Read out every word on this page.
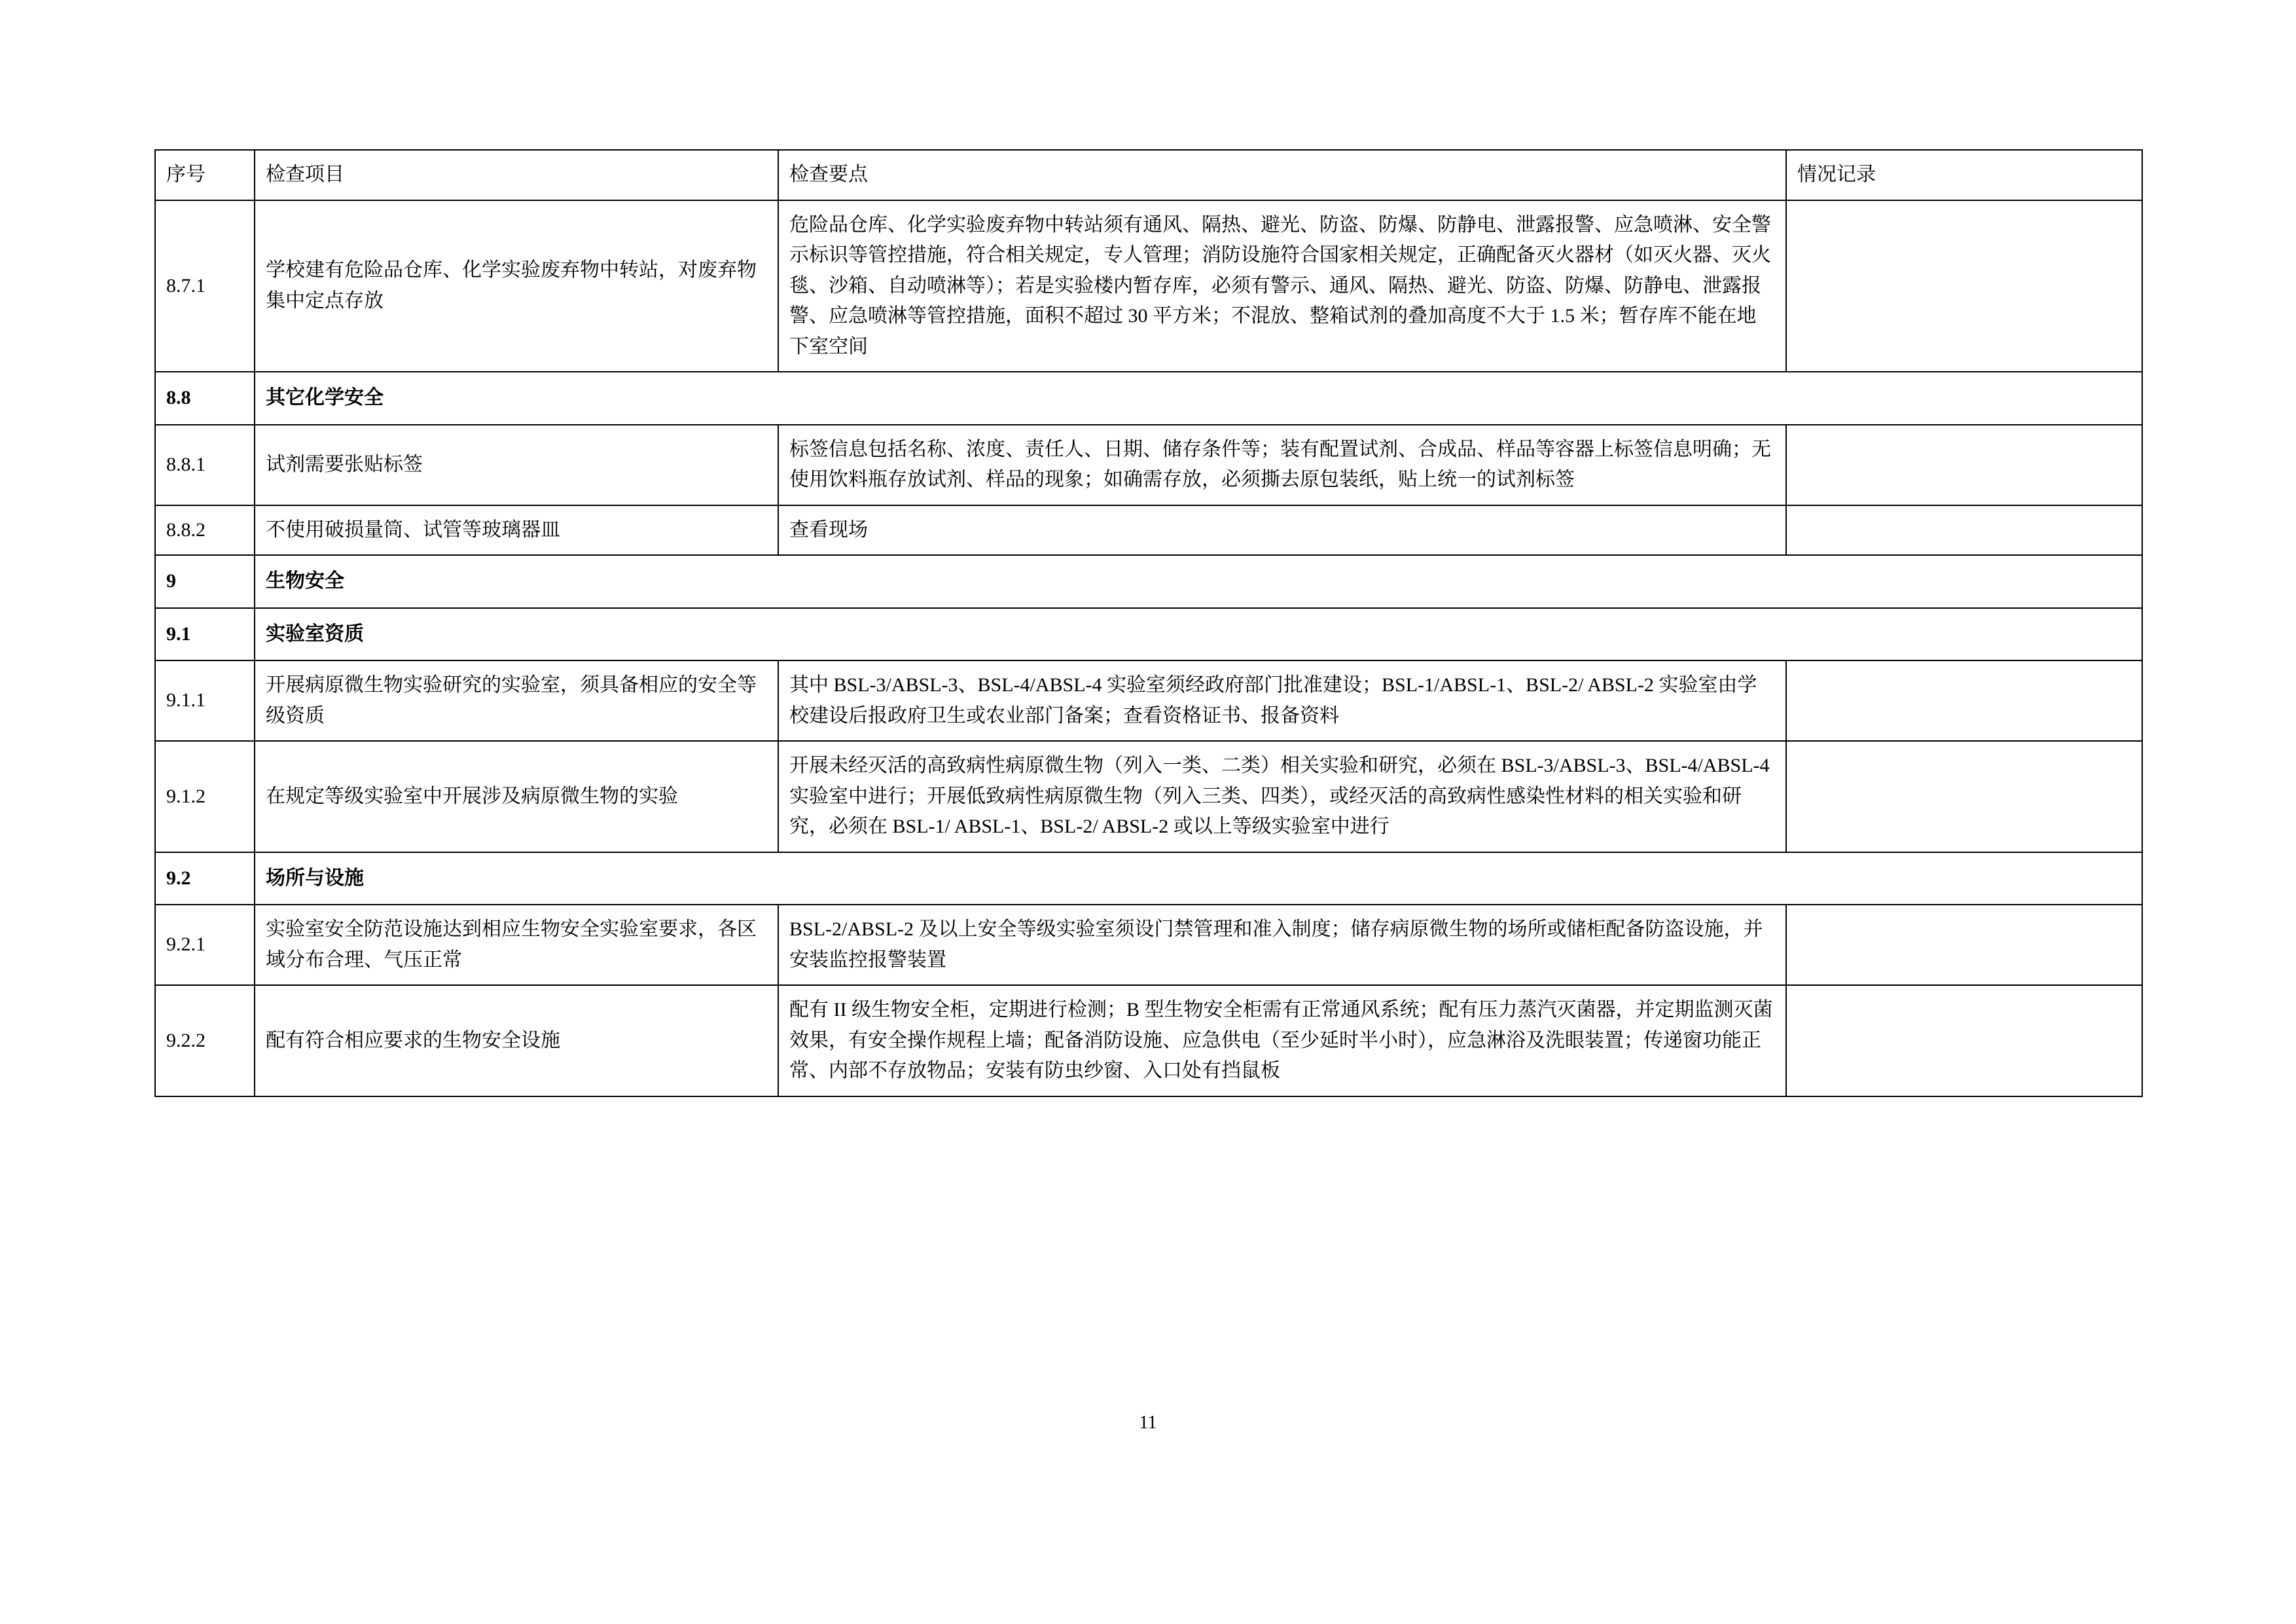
序号	检查项目	检查要点	情况记录
8.7.1	学校建有危险品仓库、化学实验废弃物中转站，对废弃物集中定点存放	危险品仓库、化学实验废弃物中转站须有通风、隔热、避光、防盗、防爆、防静电、泄露报警、应急喷淋、安全警示标识等管控措施，符合相关规定，专人管理；消防设施符合国家相关规定，正确配备灭火器材（如灭火器、灭火毯、沙箱、自动喷淋等）；若是实验楼内暂存库，必须有警示、通风、隔热、避光、防盗、防爆、防静电、泄露报警、应急喷淋等管控措施，面积不超过 30 平方米；不混放、整箱试剂的叠加高度不大于 1.5 米；暂存库不能在地下室空间	
8.8	其它化学安全		
8.8.1	试剂需要张贴标签	标签信息包括名称、浓度、责任人、日期、储存条件等；装有配置试剂、合成品、样品等容器上标签信息明确；无使用饮料瓶存放试剂、样品的现象；如确需存放，必须撕去原包装纸，贴上统一的试剂标签	
8.8.2	不使用破损量筒、试管等玻璃器皿	查看现场	
9	生物安全		
9.1	实验室资质		
9.1.1	开展病原微生物实验研究的实验室，须具备相应的安全等级资质	其中 BSL-3/ABSL-3、BSL-4/ABSL-4 实验室须经政府部门批准建设；BSL-1/ABSL-1、BSL-2/ ABSL-2 实验室由学校建设后报政府卫生或农业部门备案；查看资格证书、报备资料	
9.1.2	在规定等级实验室中开展涉及病原微生物的实验	开展未经灭活的高致病性病原微生物（列入一类、二类）相关实验和研究，必须在 BSL-3/ABSL-3、BSL-4/ABSL-4 实验室中进行；开展低致病性病原微生物（列入三类、四类），或经灭活的高致病性感染性材料的相关实验和研究，必须在 BSL-1/ ABSL-1、BSL-2/ ABSL-2 或以上等级实验室中进行	
9.2	场所与设施		
9.2.1	实验室安全防范设施达到相应生物安全实验室要求，各区域分布合理、气压正常	BSL-2/ABSL-2 及以上安全等级实验室须设门禁管理和准入制度；储存病原微生物的场所或储柜配备防盗设施，并安装监控报警装置	
9.2.2	配有符合相应要求的生物安全设施	配有 II 级生物安全柜，定期进行检测；B 型生物安全柜需有正常通风系统；配有压力蒸汽灭菌器，并定期监测灭菌效果，有安全操作规程上墙；配备消防设施、应急供电（至少延时半小时），应急淋浴及洗眼装置；传递窗功能正常、内部不存放物品；安装有防虫纱窗、入口处有挡鼠板	
11
